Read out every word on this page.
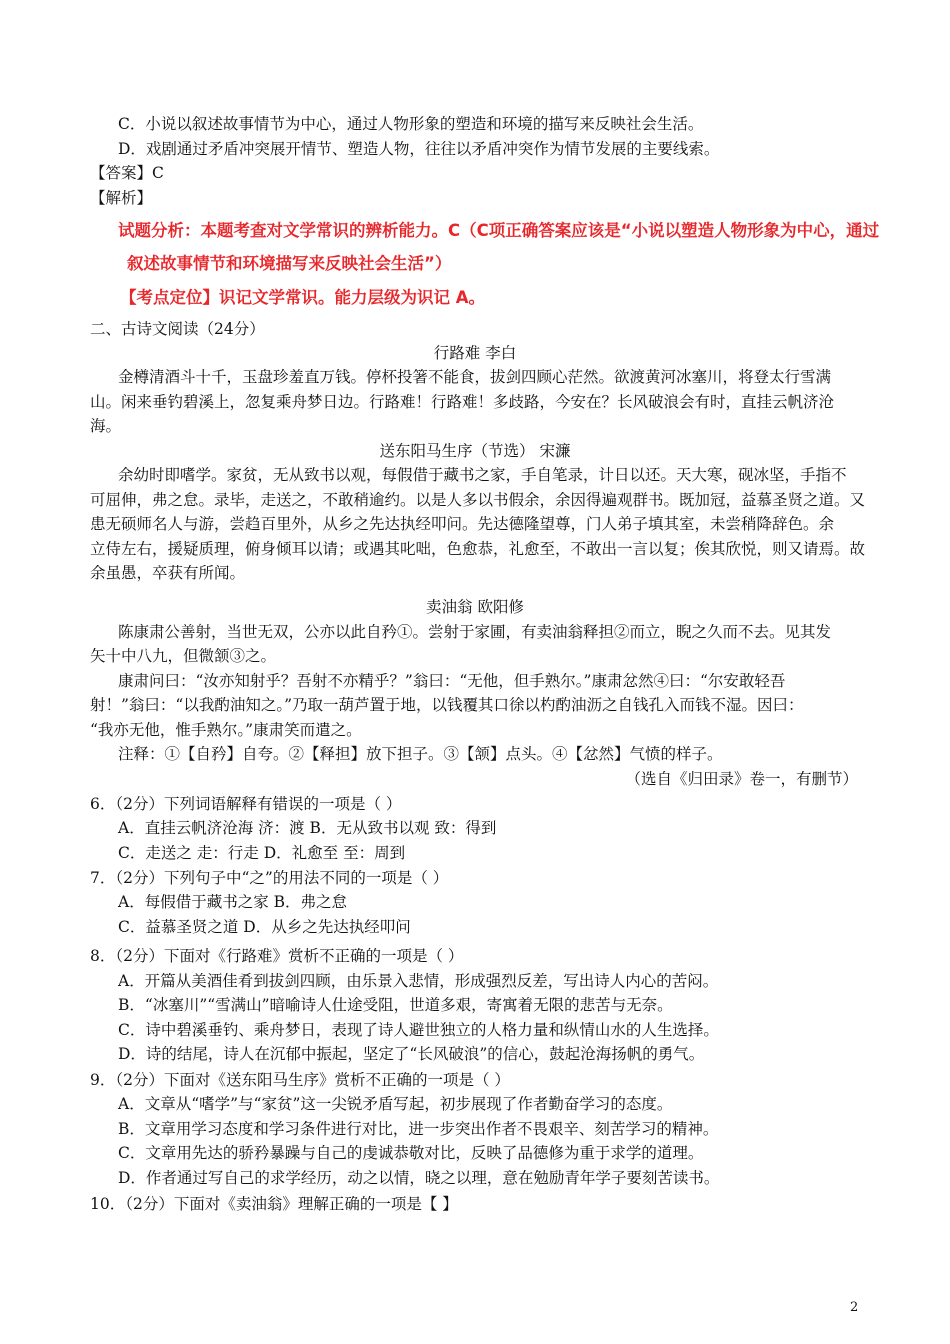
C．小说以叙述故事情节为中心，通过人物形象的塑造和环境的描写来反映社会生活。
D．戏剧通过矛盾冲突展开情节、塑造人物，往往以矛盾冲突作为情节发展的主要线索。
【答案】C
【解析】
试题分析：本题考查对文学常识的辨析能力。C（C项正确答案应该是“小说以塑造人物形象为中心，通过
叙述故事情节和环境描写来反映社会生活”）
【考点定位】识记文学常识。能力层级为识记 A。
二、古诗文阅读（24分）
行路难 李白
金樽清酒斗十千，玉盘珍羞直万钱。停杯投箸不能食，拔剑四顾心茫然。欲渡黄河冰塞川，将登太行雪满
山。闲来垂钓碧溪上，忽复乘舟梦日边。行路难！行路难！多歧路，今安在？长风破浪会有时，直挂云帆济沧
海。
送东阳马生序（节选） 宋濂
余幼时即嗜学。家贫，无从致书以观，每假借于藏书之家，手自笔录，计日以还。天大寒，砚冰坚，手指不
可屈伸，弗之怠。录毕，走送之，不敢稍逾约。以是人多以书假余，余因得遍观群书。既加冠，益慕圣贤之道。又
患无硕师名人与游，尝趋百里外，从乡之先达执经叩问。先达德隆望尊，门人弟子填其室，未尝稍降辞色。余
立侍左右，援疑质理，俯身倾耳以请；或遇其叱咄，色愈恭，礼愈至，不敢出一言以复；俟其欣悦，则又请焉。故
余虽愚，卒获有所闻。
卖油翁 欧阳修
陈康肃公善射，当世无双，公亦以此自矜①。尝射于家圃，有卖油翁释担②而立，睨之久而不去。见其发
矢十中八九，但微颔③之。
康肃问曰：“汝亦知射乎？吾射不亦精乎？”翁曰：“无他，但手熟尔。”康肃忿然④曰：“尔安敢轻吾
射！”翁曰：“以我酌油知之。”乃取一葫芦置于地，以钱覆其口徐以杓酌油沥之自钱孔入而钱不湿。因曰：
“我亦无他，惟手熟尔。”康肃笑而遣之。
注释：①【自矜】自夸。②【释担】放下担子。③【颔】点头。④【忿然】气愤的样子。
（选自《归田录》卷一，有删节）
6．（2分）下列词语解释有错误的一项是（ ）
A．直挂云帆济沧海 济：渡 B．无从致书以观 致：得到
C．走送之 走：行走 D．礼愈至 至：周到
7．（2分）下列句子中“之”的用法不同的一项是（ ）
A．每假借于藏书之家 B．弗之怠
C．益慕圣贤之道 D．从乡之先达执经叩问
8．（2分）下面对《行路难》赏析不正确的一项是（ ）
A．开篇从美酒佳肴到拔剑四顾，由乐景入悲情，形成强烈反差，写出诗人内心的苦闷。
B．“冰塞川”“雪满山”暗喻诗人仕途受阻，世道多艰，寄寓着无限的悲苦与无奈。
C．诗中碧溪垂钓、乘舟梦日，表现了诗人避世独立的人格力量和纵情山水的人生选择。
D．诗的结尾，诗人在沉郁中振起，坚定了“长风破浪”的信心，鼓起沧海扬帆的勇气。
9．（2分）下面对《送东阳马生序》赏析不正确的一项是（ ）
A．文章从“嗜学”与“家贫”这一尖锐矛盾写起，初步展现了作者勤奋学习的态度。
B．文章用学习态度和学习条件进行对比，进一步突出作者不畏艰辛、刻苦学习的精神。
C．文章用先达的骄矜暴躁与自己的虔诚恭敬对比，反映了品德修为重于求学的道理。
D．作者通过写自己的求学经历，动之以情，晓之以理，意在勉励青年学子要刻苦读书。
10．（2分）下面对《卖油翁》理解正确的一项是【 】
2
